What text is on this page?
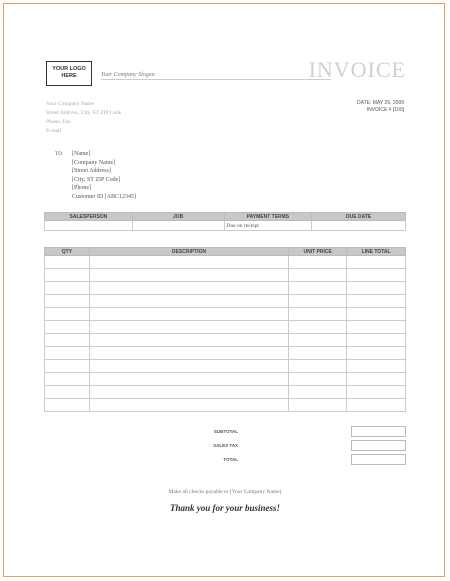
YOUR LOGO
HERE	Your Company Slogan	INVOICE
Your Company Name
Street Address, City, ST ZIP Code
Phone, Fax
E-mail
DATE: MAY 26, 2009
INVOICE # [100]
TO [Name]
[Company Name]
[Street Address]
[City, ST ZIP Code]
[Phone]
Customer ID [ABC12345]
SALESPERSON	JOB	PAYMENT TERMS	DUE DATE
		Due on receipt	
QTY	DESCRIPTION	UNIT PRICE	LINE TOTAL

SUBTOTAL
SALES TAX
TOTAL
Make all checks payable to [Your Company Name]
Thank you for your business!
